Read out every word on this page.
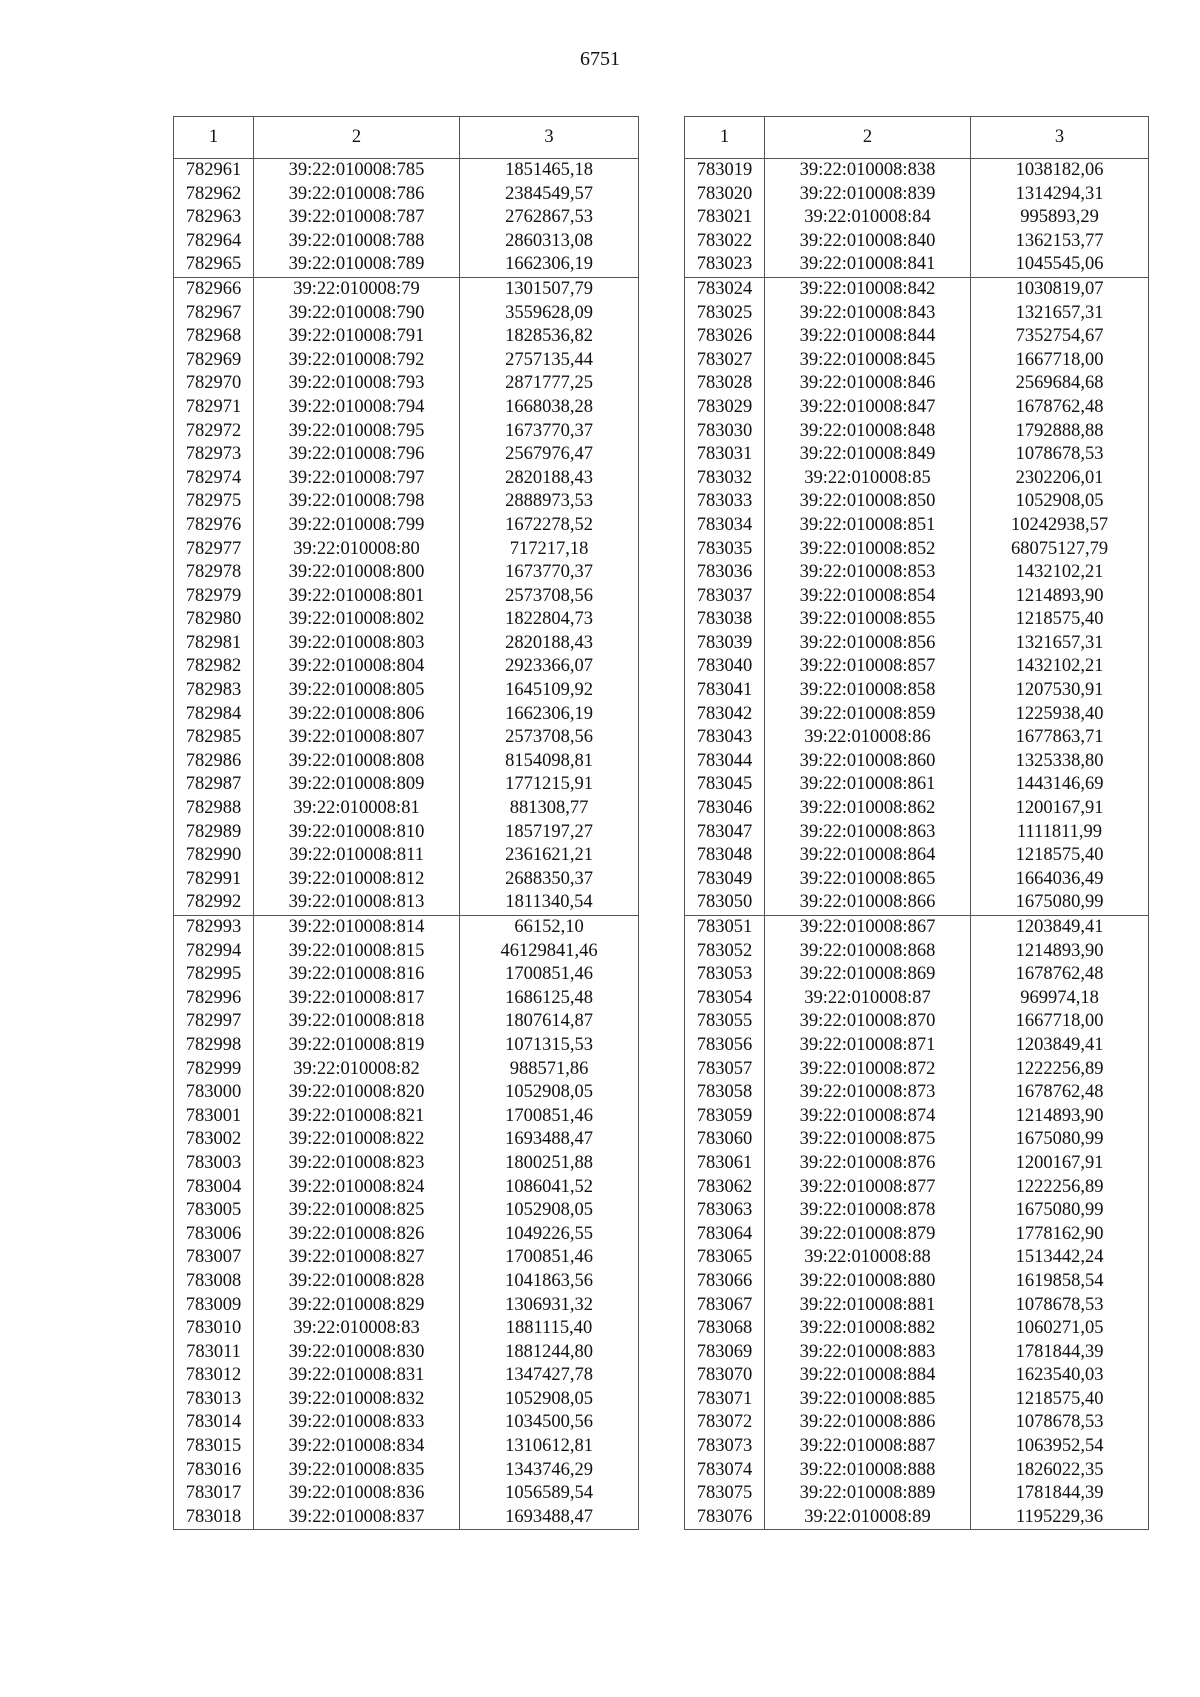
6751
1	2	3
782961	39:22:010008:785	1851465,18
782962	39:22:010008:786	2384549,57
782963	39:22:010008:787	2762867,53
782964	39:22:010008:788	2860313,08
782965	39:22:010008:789	1662306,19
782966	39:22:010008:79	1301507,79
782967	39:22:010008:790	3559628,09
782968	39:22:010008:791	1828536,82
782969	39:22:010008:792	2757135,44
782970	39:22:010008:793	2871777,25
782971	39:22:010008:794	1668038,28
782972	39:22:010008:795	1673770,37
782973	39:22:010008:796	2567976,47
782974	39:22:010008:797	2820188,43
782975	39:22:010008:798	2888973,53
782976	39:22:010008:799	1672278,52
782977	39:22:010008:80	717217,18
782978	39:22:010008:800	1673770,37
782979	39:22:010008:801	2573708,56
782980	39:22:010008:802	1822804,73
782981	39:22:010008:803	2820188,43
782982	39:22:010008:804	2923366,07
782983	39:22:010008:805	1645109,92
782984	39:22:010008:806	1662306,19
782985	39:22:010008:807	2573708,56
782986	39:22:010008:808	8154098,81
782987	39:22:010008:809	1771215,91
782988	39:22:010008:81	881308,77
782989	39:22:010008:810	1857197,27
782990	39:22:010008:811	2361621,21
782991	39:22:010008:812	2688350,37
782992	39:22:010008:813	1811340,54
782993	39:22:010008:814	66152,10
782994	39:22:010008:815	46129841,46
782995	39:22:010008:816	1700851,46
782996	39:22:010008:817	1686125,48
782997	39:22:010008:818	1807614,87
782998	39:22:010008:819	1071315,53
782999	39:22:010008:82	988571,86
783000	39:22:010008:820	1052908,05
783001	39:22:010008:821	1700851,46
783002	39:22:010008:822	1693488,47
783003	39:22:010008:823	1800251,88
783004	39:22:010008:824	1086041,52
783005	39:22:010008:825	1052908,05
783006	39:22:010008:826	1049226,55
783007	39:22:010008:827	1700851,46
783008	39:22:010008:828	1041863,56
783009	39:22:010008:829	1306931,32
783010	39:22:010008:83	1881115,40
783011	39:22:010008:830	1881244,80
783012	39:22:010008:831	1347427,78
783013	39:22:010008:832	1052908,05
783014	39:22:010008:833	1034500,56
783015	39:22:010008:834	1310612,81
783016	39:22:010008:835	1343746,29
783017	39:22:010008:836	1056589,54
783018	39:22:010008:837	1693488,47
1	2	3
783019	39:22:010008:838	1038182,06
783020	39:22:010008:839	1314294,31
783021	39:22:010008:84	995893,29
783022	39:22:010008:840	1362153,77
783023	39:22:010008:841	1045545,06
783024	39:22:010008:842	1030819,07
783025	39:22:010008:843	1321657,31
783026	39:22:010008:844	7352754,67
783027	39:22:010008:845	1667718,00
783028	39:22:010008:846	2569684,68
783029	39:22:010008:847	1678762,48
783030	39:22:010008:848	1792888,88
783031	39:22:010008:849	1078678,53
783032	39:22:010008:85	2302206,01
783033	39:22:010008:850	1052908,05
783034	39:22:010008:851	10242938,57
783035	39:22:010008:852	68075127,79
783036	39:22:010008:853	1432102,21
783037	39:22:010008:854	1214893,90
783038	39:22:010008:855	1218575,40
783039	39:22:010008:856	1321657,31
783040	39:22:010008:857	1432102,21
783041	39:22:010008:858	1207530,91
783042	39:22:010008:859	1225938,40
783043	39:22:010008:86	1677863,71
783044	39:22:010008:860	1325338,80
783045	39:22:010008:861	1443146,69
783046	39:22:010008:862	1200167,91
783047	39:22:010008:863	1111811,99
783048	39:22:010008:864	1218575,40
783049	39:22:010008:865	1664036,49
783050	39:22:010008:866	1675080,99
783051	39:22:010008:867	1203849,41
783052	39:22:010008:868	1214893,90
783053	39:22:010008:869	1678762,48
783054	39:22:010008:87	969974,18
783055	39:22:010008:870	1667718,00
783056	39:22:010008:871	1203849,41
783057	39:22:010008:872	1222256,89
783058	39:22:010008:873	1678762,48
783059	39:22:010008:874	1214893,90
783060	39:22:010008:875	1675080,99
783061	39:22:010008:876	1200167,91
783062	39:22:010008:877	1222256,89
783063	39:22:010008:878	1675080,99
783064	39:22:010008:879	1778162,90
783065	39:22:010008:88	1513442,24
783066	39:22:010008:880	1619858,54
783067	39:22:010008:881	1078678,53
783068	39:22:010008:882	1060271,05
783069	39:22:010008:883	1781844,39
783070	39:22:010008:884	1623540,03
783071	39:22:010008:885	1218575,40
783072	39:22:010008:886	1078678,53
783073	39:22:010008:887	1063952,54
783074	39:22:010008:888	1826022,35
783075	39:22:010008:889	1781844,39
783076	39:22:010008:89	1195229,36
